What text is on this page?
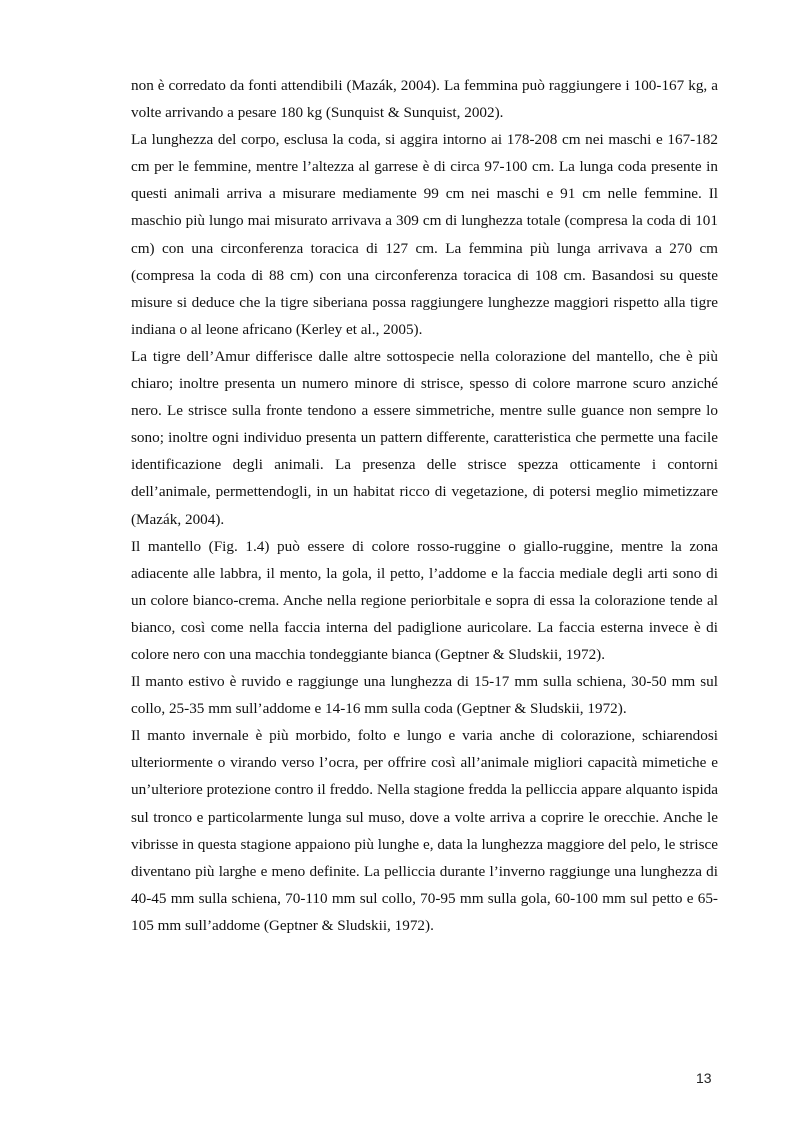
non è corredato da fonti attendibili (Mazák, 2004). La femmina può raggiungere i 100-167 kg, a volte arrivando a pesare 180 kg (Sunquist & Sunquist, 2002).

La lunghezza del corpo, esclusa la coda, si aggira intorno ai 178-208 cm nei maschi e 167-182 cm per le femmine, mentre l’altezza al garrese è di circa 97-100 cm. La lunga coda presente in questi animali arriva a misurare mediamente 99 cm nei maschi e 91 cm nelle femmine. Il maschio più lungo mai misurato arrivava a 309 cm di lunghezza totale (compresa la coda di 101 cm) con una circonferenza toracica di 127 cm. La femmina più lunga arrivava a 270 cm (compresa la coda di 88 cm) con una circonferenza toracica di 108 cm. Basandosi su queste misure si deduce che la tigre siberiana possa raggiungere lunghezze maggiori rispetto alla tigre indiana o al leone africano (Kerley et al., 2005).

La tigre dell’Amur differisce dalle altre sottospecie nella colorazione del mantello, che è più chiaro; inoltre presenta un numero minore di strisce, spesso di colore marrone scuro anziché nero. Le strisce sulla fronte tendono a essere simmetriche, mentre sulle guance non sempre lo sono; inoltre ogni individuo presenta un pattern differente, caratteristica che permette una facile identificazione degli animali. La presenza delle strisce spezza otticamente i contorni dell’animale, permettendogli, in un habitat ricco di vegetazione, di potersi meglio mimetizzare (Mazák, 2004).

Il mantello (Fig. 1.4) può essere di colore rosso-ruggine o giallo-ruggine, mentre la zona adiacente alle labbra, il mento, la gola, il petto, l’addome e la faccia mediale degli arti sono di un colore bianco-crema. Anche nella regione periorbitale e sopra di essa la colorazione tende al bianco, così come nella faccia interna del padiglione auricolare. La faccia esterna invece è di colore nero con una macchia tondeggiante bianca (Geptner & Sludskii, 1972).

Il manto estivo è ruvido e raggiunge una lunghezza di 15-17 mm sulla schiena, 30-50 mm sul collo, 25-35 mm sull’addome e 14-16 mm sulla coda (Geptner & Sludskii, 1972).

Il manto invernale è più morbido, folto e lungo e varia anche di colorazione, schiarendosi ulteriormente o virando verso l’ocra, per offrire così all’animale migliori capacità mimetiche e un’ulteriore protezione contro il freddo. Nella stagione fredda la pelliccia appare alquanto ispida sul tronco e particolarmente lunga sul muso, dove a volte arriva a coprire le orecchie. Anche le vibrisse in questa stagione appaiono più lunghe e, data la lunghezza maggiore del pelo, le strisce diventano più larghe e meno definite. La pelliccia durante l’inverno raggiunge una lunghezza di 40-45 mm sulla schiena, 70-110 mm sul collo, 70-95 mm sulla gola, 60-100 mm sul petto e 65-105 mm sull’addome (Geptner & Sludskii, 1972).

13
